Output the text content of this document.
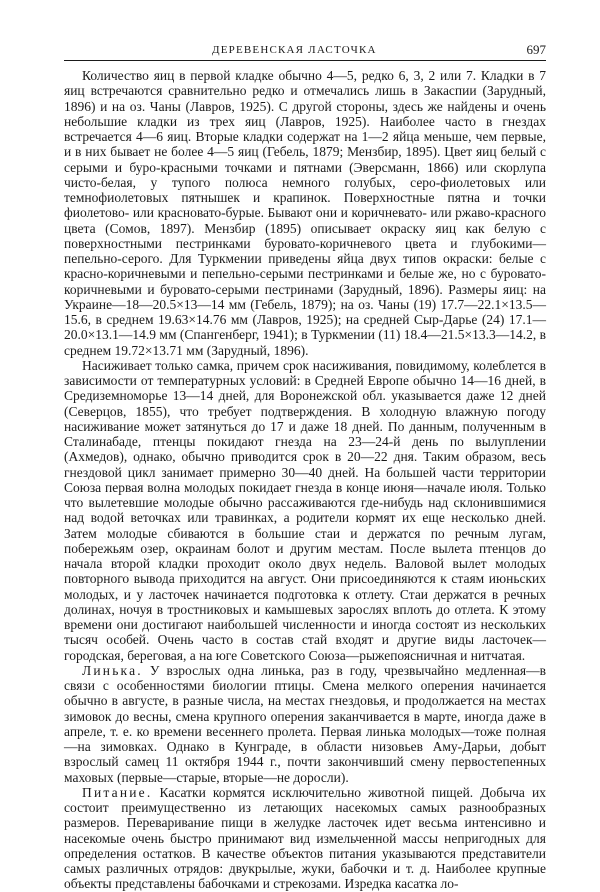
ДЕРЕВЕНСКАЯ ЛАСТОЧКА	697

Количество яиц в первой кладке обычно 4—5, редко 6, 3, 2 или 7. Кладки в 7 яиц встречаются сравнительно редко и отмечались лишь в Закаспии (Зарудный, 1896) и на оз. Чаны (Лавров, 1925). С другой стороны, здесь же найдены и очень небольшие кладки из трех яиц (Лавров, 1925). Наиболее часто в гнездах встречается 4—6 яиц. Вторые кладки содержат на 1—2 яйца меньше, чем первые, и в них бывает не более 4—5 яиц (Гебель, 1879; Мензбир, 1895). Цвет яиц белый с серыми и буро-красными точками и пятнами (Эверсманн, 1866) или скорлупа чисто-белая, у тупого полюса немного голубых, серо-фиолетовых или темнофиолетовых пятнышек и крапинок. Поверхностные пятна и точки фиолетово- или красновато-бурые. Бывают они и коричневато- или ржаво-красного цвета (Сомов, 1897). Мензбир (1895) описывает окраску яиц как белую с поверхностными пестринками буровато-коричневого цвета и глубокими—пепельно-серого. Для Туркмении приведены яйца двух типов окраски: белые с красно-коричневыми и пепельно-серыми пестринками и белые же, но с буровато-коричневыми и буровато-серыми пестринами (Зарудный, 1896). Размеры яиц: на Украине—18—20.5×13—14 мм (Гебель, 1879); на оз. Чаны (19) 17.7—22.1×13.5—15.6, в среднем 19.63×14.76 мм (Лавров, 1925); на средней Сыр-Дарье (24) 17.1—20.0×13.1—14.9 мм (Спангенберг, 1941); в Туркмении (11) 18.4—21.5×13.3—14.2, в среднем 19.72×13.71 мм (Зарудный, 1896).

Насиживает только самка, причем срок насиживания, повидимому, колеблется в зависимости от температурных условий: в Средней Европе обычно 14—16 дней, в Средиземноморье 13—14 дней, для Воронежской обл. указывается даже 12 дней (Северцов, 1855), что требует подтверждения. В холодную влажную погоду насиживание может затянуться до 17 и даже 18 дней. По данным, полученным в Сталинабаде, птенцы покидают гнезда на 23—24-й день по вылуплении (Ахмедов), однако, обычно приводится срок в 20—22 дня. Таким образом, весь гнездовой цикл занимает примерно 30—40 дней. На большей части территории Союза первая волна молодых покидает гнезда в конце июня—начале июля. Только что вылетевшие молодые обычно рассаживаются где-нибудь над склонившимися над водой веточках или травинках, а родители кормят их еще несколько дней. Затем молодые сбиваются в большие стаи и держатся по речным лугам, побережьям озер, окраинам болот и другим местам. После вылета птенцов до начала второй кладки проходит около двух недель. Валовой вылет молодых повторного вывода приходится на август. Они присоединяются к стаям июньских молодых, и у ласточек начинается подготовка к отлету. Стаи держатся в речных долинах, ночуя в тростниковых и камышевых зарослях вплоть до отлета. К этому времени они достигают наибольшей численности и иногда состоят из нескольких тысяч особей. Очень часто в состав стай входят и другие виды ласточек—городская, береговая, а на юге Советского Союза—рыжепоясничная и нитчатая.

Линька. У взрослых одна линька, раз в году, чрезвычайно медленная—в связи с особенностями биологии птицы. Смена мелкого оперения начинается обычно в августе, в разные числа, на местах гнездовья, и продолжается на местах зимовок до весны, смена крупного оперения заканчивается в марте, иногда даже в апреле, т. е. ко времени весеннего пролета. Первая линька молодых—тоже полная—на зимовках. Однако в Кунграде, в области низовьев Аму-Дарьи, добыт взрослый самец 11 октября 1944 г., почти закончивший смену первостепенных маховых (первые—старые, вторые—не доросли).

Питание. Касатки кормятся исключительно животной пищей. Добыча их состоит преимущественно из летающих насекомых самых разнообразных размеров. Переваривание пищи в желудке ласточек идет весьма интенсивно и насекомые очень быстро принимают вид измельченной массы непригодных для определения остатков. В качестве объектов питания указываются представители самых различных отрядов: двукрылые, жуки, бабочки и т. д. Наиболее крупные объекты представлены бабочками и стрекозами. Изредка касатка ло-
